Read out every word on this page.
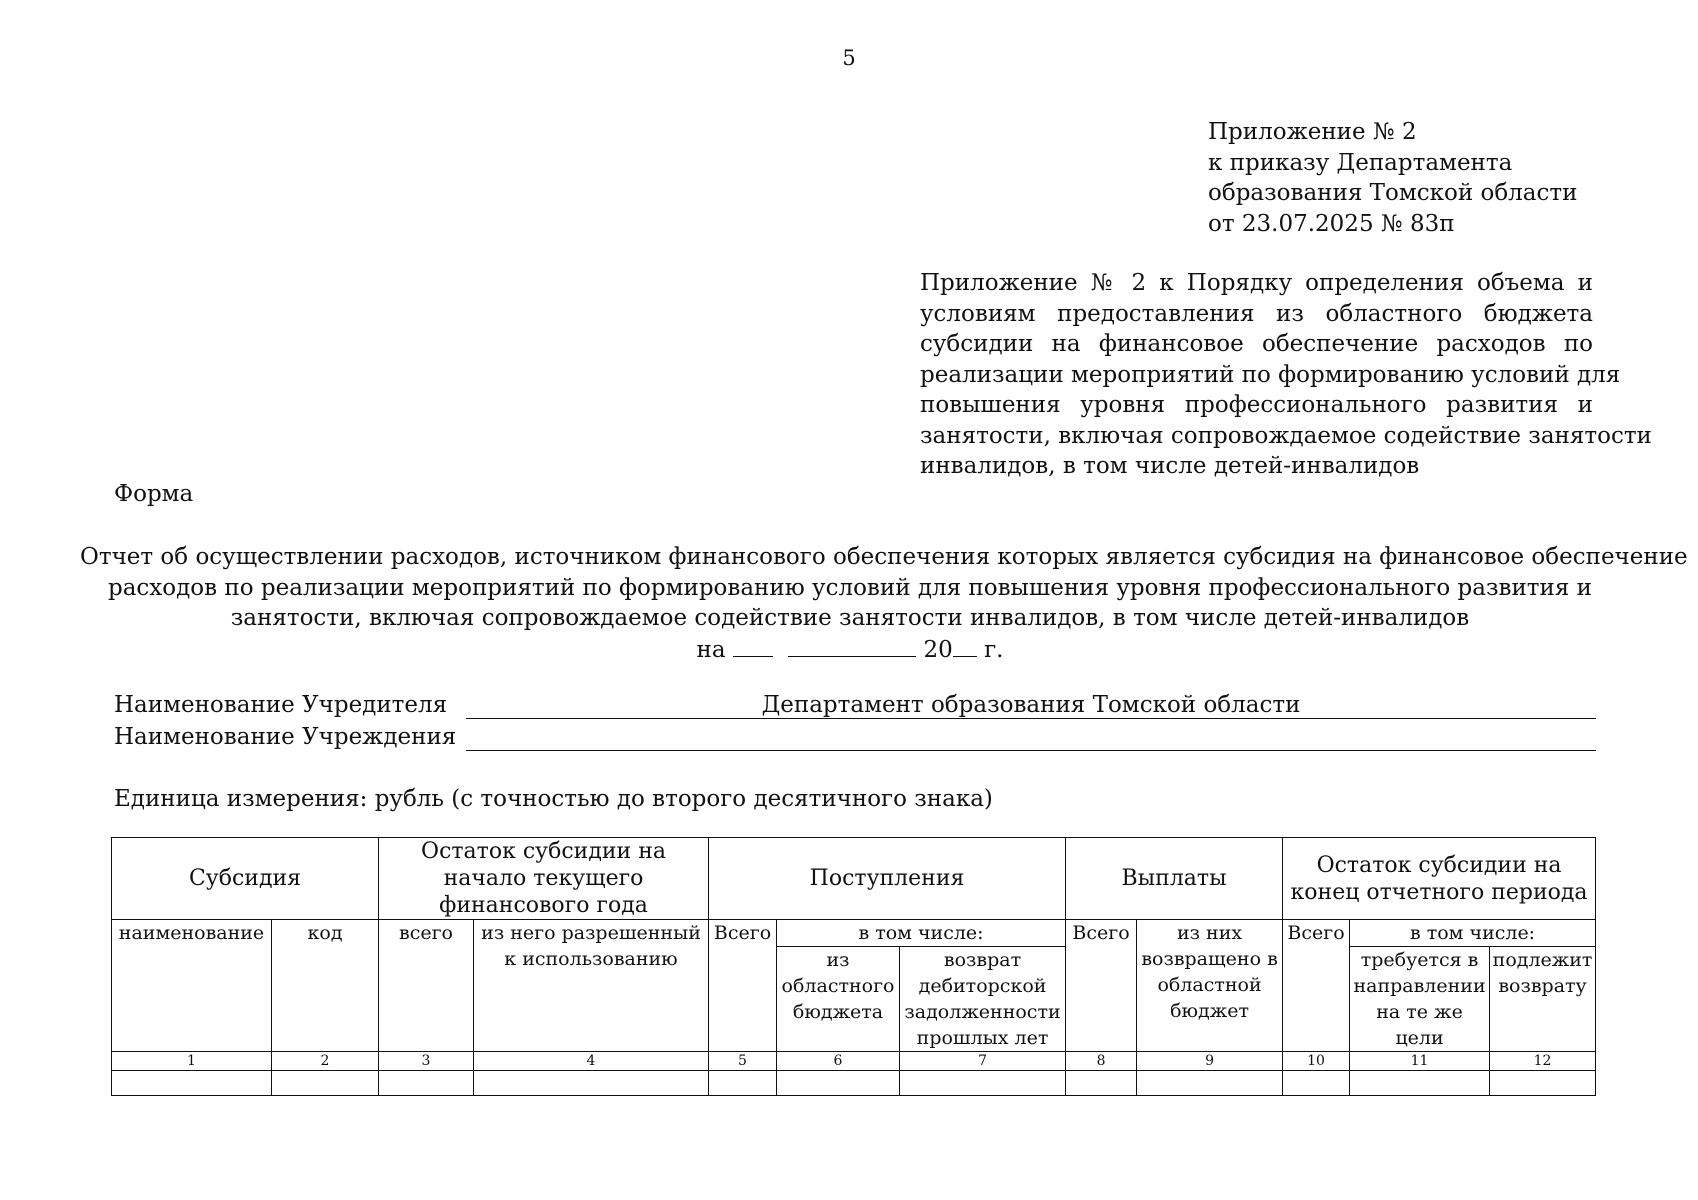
5
Приложение № 2
к приказу Департамента
образования Томской области
от 23.07.2025 № 83п
Приложение № 2 к Порядку определения объема и
условиям предоставления из областного бюджета
субсидии на финансовое обеспечение расходов по
реализации мероприятий по формированию условий для
повышения уровня профессионального развития и
занятости, включая сопровождаемое содействие занятости
инвалидов, в том числе детей-инвалидов
Форма
Отчет об осуществлении расходов, источником финансового обеспечения которых является субсидия на финансовое обеспечение
расходов по реализации мероприятий по формированию условий для повышения уровня профессионального развития и
занятости, включая сопровождаемое содействие занятости инвалидов, в том числе детей-инвалидов
на	20 г.
Наименование Учредителя	Департамент образования Томской области
Наименование Учреждения
Единица измерения: рубль (с точностью до второго десятичного знака)
Субсидия		Остаток субсидии на начало текущего финансового года		Поступления			Выплаты		Остаток субсидии на конец отчетного периода		
наименование	код	всего	из него разрешенный к использованию	Всего	в том числе:		Всего	из них возвращено в областной бюджет	Всего	в том числе:	
					из областного бюджета	возврат дебиторской задолженности прошлых лет				требуется в направлении на те же цели	подлежит возврату
1	2	3	4	5	6	7	8	9	10	11	12
